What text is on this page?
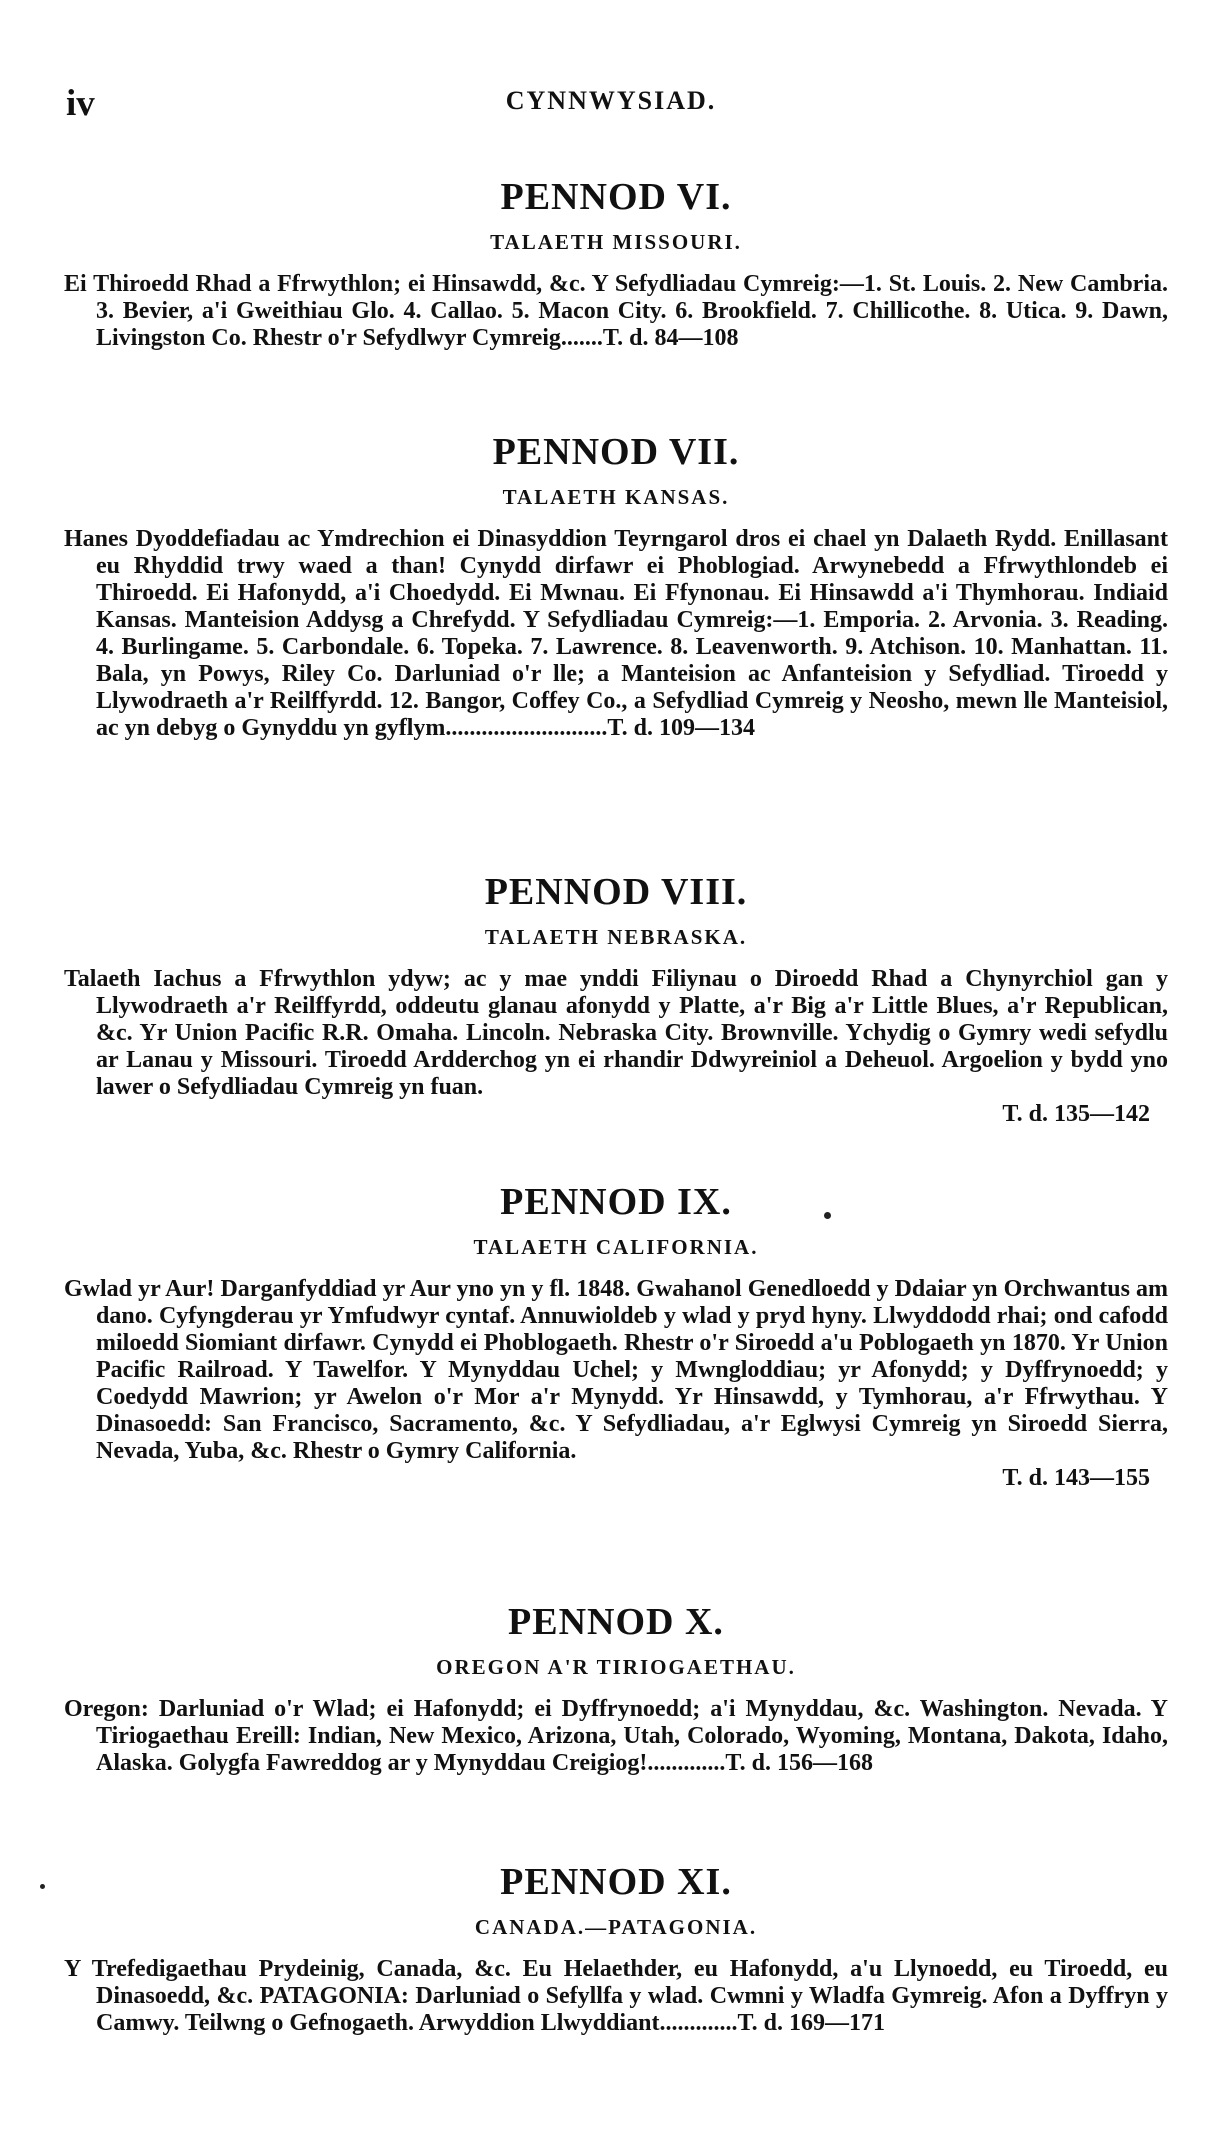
iv	CYNNWYSIAD.
PENNOD VI.
TALAETH MISSOURI.

Ei Thiroedd Rhad a Ffrwythlon; ei Hinsawdd, &c. Y Sefydliadau Cymreig:—1. St. Louis. 2. New Cambria. 3. Bevier, a'i Gweithiau Glo. 4. Callao. 5. Macon City. 6. Brookfield. 7. Chillicothe. 8. Utica. 9. Dawn, Livingston Co. Rhestr o'r Sefydlwyr Cymreig.......T. d. 84—108

PENNOD VII.
TALAETH KANSAS.

Hanes Dyoddefiadau ac Ymdrechion ei Dinasyddion Teyrngarol dros ei chael yn Dalaeth Rydd. Enillasant eu Rhyddid trwy waed a than! Cynydd dirfawr ei Phoblogiad. Arwynebedd a Ffrwythlondeb ei Thiroedd. Ei Hafonydd, a'i Choedydd. Ei Mwnau. Ei Ffynonau. Ei Hinsawdd a'i Thymhorau. Indiaid Kansas. Manteision Addysg a Chrefydd. Y Sefydliadau Cymreig:—1. Emporia. 2. Arvonia. 3. Reading. 4. Burlingame. 5. Carbondale. 6. Topeka. 7. Lawrence. 8. Leavenworth. 9. Atchison. 10. Manhattan. 11. Bala, yn Powys, Riley Co. Darluniad o'r lle; a Manteision ac Anfanteision y Sefydliad. Tiroedd y Llywodraeth a'r Reilffyrdd. 12. Bangor, Coffey Co., a Sefydliad Cymreig y Neosho, mewn lle Manteisiol, ac yn debyg o Gynyddu yn gyflym...........................T. d. 109—134

PENNOD VIII.
TALAETH NEBRASKA.

Talaeth Iachus a Ffrwythlon ydyw; ac y mae ynddi Filiynau o Diroedd Rhad a Chynyrchiol gan y Llywodraeth a'r Reilffyrdd, oddeutu glanau afonydd y Platte, a'r Big a'r Little Blues, a'r Republican, &c. Yr Union Pacific R.R. Omaha. Lincoln. Nebraska City. Brownville. Ychydig o Gymry wedi sefydlu ar Lanau y Missouri. Tiroedd Ardderchog yn ei rhandir Ddwyreiniol a Deheuol. Argoelion y bydd yno lawer o Sefydliadau Cymreig yn fuan.

T. d. 135—142

PENNOD IX.
TALAETH CALIFORNIA.

Gwlad yr Aur! Darganfyddiad yr Aur yno yn y fl. 1848. Gwahanol Genedloedd y Ddaiar yn Orchwantus am dano. Cyfyngderau yr Ymfudwyr cyntaf. Annuwioldeb y wlad y pryd hyny. Llwyddodd rhai; ond cafodd miloedd Siomiant dirfawr. Cynydd ei Phoblogaeth. Rhestr o'r Siroedd a'u Poblogaeth yn 1870. Yr Union Pacific Railroad. Y Tawelfor. Y Mynyddau Uchel; y Mwngloddiau; yr Afonydd; y Dyffrynoedd; y Coedydd Mawrion; yr Awelon o'r Mor a'r Mynydd. Yr Hinsawdd, y Tymhorau, a'r Ffrwythau. Y Dinasoedd: San Francisco, Sacramento, &c. Y Sefydliadau, a'r Eglwysi Cymreig yn Siroedd Sierra, Nevada, Yuba, &c. Rhestr o Gymry California.

T. d. 143—155

PENNOD X.
OREGON A'R TIRIOGAETHAU.

Oregon: Darluniad o'r Wlad; ei Hafonydd; ei Dyffrynoedd; a'i Mynyddau, &c. Washington. Nevada. Y Tiriogaethau Ereill: Indian, New Mexico, Arizona, Utah, Colorado, Wyoming, Montana, Dakota, Idaho, Alaska. Golygfa Fawreddog ar y Mynyddau Creigiog!.............T. d. 156—168

PENNOD XI.
CANADA.—PATAGONIA.

Y Trefedigaethau Prydeinig, Canada, &c. Eu Helaethder, eu Hafonydd, a'u Llynoedd, eu Tiroedd, eu Dinasoedd, &c. PATAGONIA: Darluniad o Sefyllfa y wlad. Cwmni y Wladfa Gymreig. Afon a Dyffryn y Camwy. Teilwng o Gefnogaeth. Arwyddion Llwyddiant.............T. d. 169—171
